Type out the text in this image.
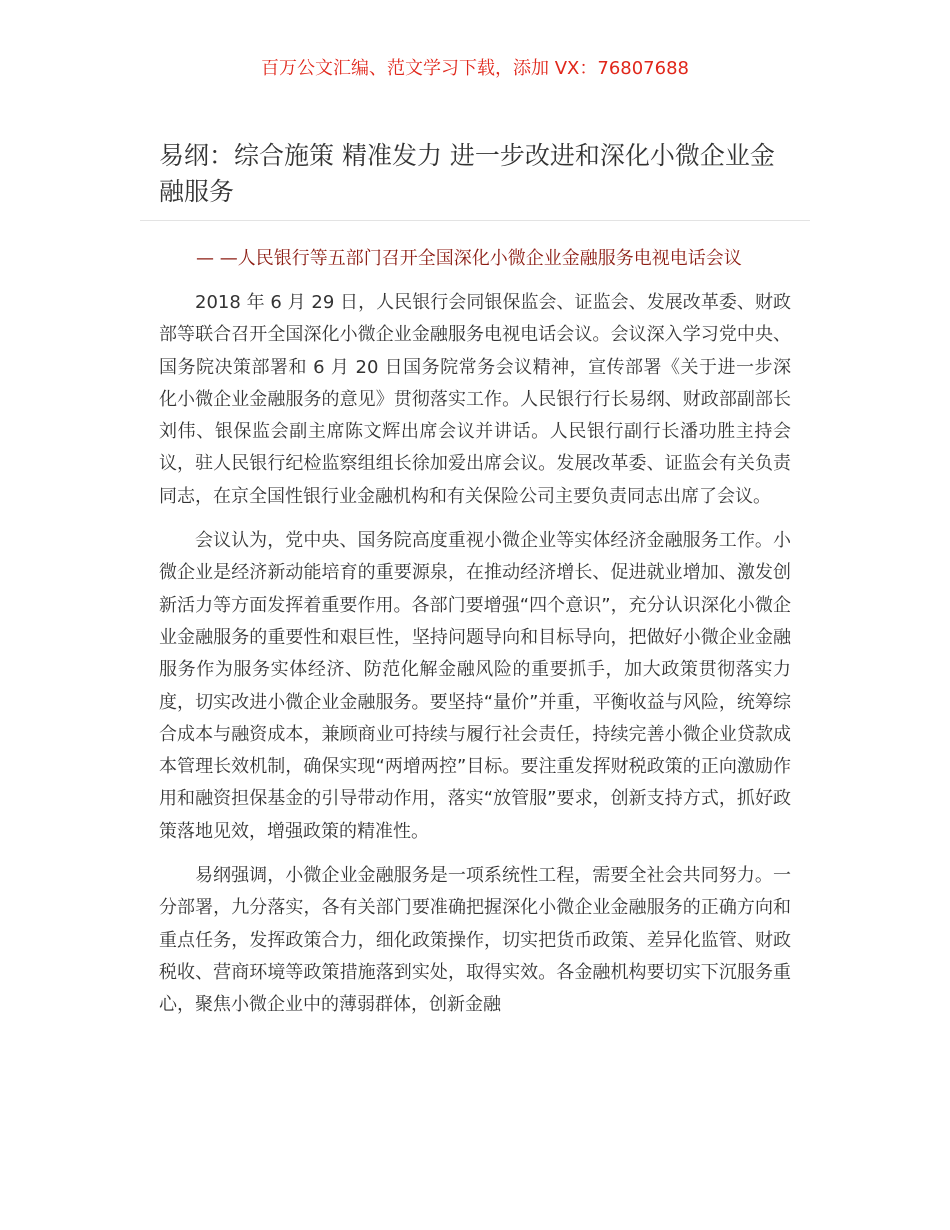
百万公文汇编、范文学习下载，添加 VX：76807688
易纲：综合施策 精准发力 进一步改进和深化小微企业金融服务
— —人民银行等五部门召开全国深化小微企业金融服务电视电话会议

2018 年 6 月 29 日，人民银行会同银保监会、证监会、发展改革委、财政部等联合召开全国深化小微企业金融服务电视电话会议。会议深入学习党中央、国务院决策部署和 6 月 20 日国务院常务会议精神，宣传部署《关于进一步深化小微企业金融服务的意见》贯彻落实工作。人民银行行长易纲、财政部副部长刘伟、银保监会副主席陈文辉出席会议并讲话。人民银行副行长潘功胜主持会议，驻人民银行纪检监察组组长徐加爱出席会议。发展改革委、证监会有关负责同志，在京全国性银行业金融机构和有关保险公司主要负责同志出席了会议。

会议认为，党中央、国务院高度重视小微企业等实体经济金融服务工作。小微企业是经济新动能培育的重要源泉，在推动经济增长、促进就业增加、激发创新活力等方面发挥着重要作用。各部门要增强“四个意识”，充分认识深化小微企业金融服务的重要性和艰巨性，坚持问题导向和目标导向，把做好小微企业金融服务作为服务实体经济、防范化解金融风险的重要抓手，加大政策贯彻落实力度，切实改进小微企业金融服务。要坚持“量价”并重，平衡收益与风险，统筹综合成本与融资成本，兼顾商业可持续与履行社会责任，持续完善小微企业贷款成本管理长效机制，确保实现“两增两控”目标。要注重发挥财税政策的正向激励作用和融资担保基金的引导带动作用，落实“放管服”要求，创新支持方式，抓好政策落地见效，增强政策的精准性。

易纲强调，小微企业金融服务是一项系统性工程，需要全社会共同努力。一分部署，九分落实，各有关部门要准确把握深化小微企业金融服务的正确方向和重点任务，发挥政策合力，细化政策操作，切实把货币政策、差异化监管、财政税收、营商环境等政策措施落到实处，取得实效。各金融机构要切实下沉服务重心，聚焦小微企业中的薄弱群体，创新金融
